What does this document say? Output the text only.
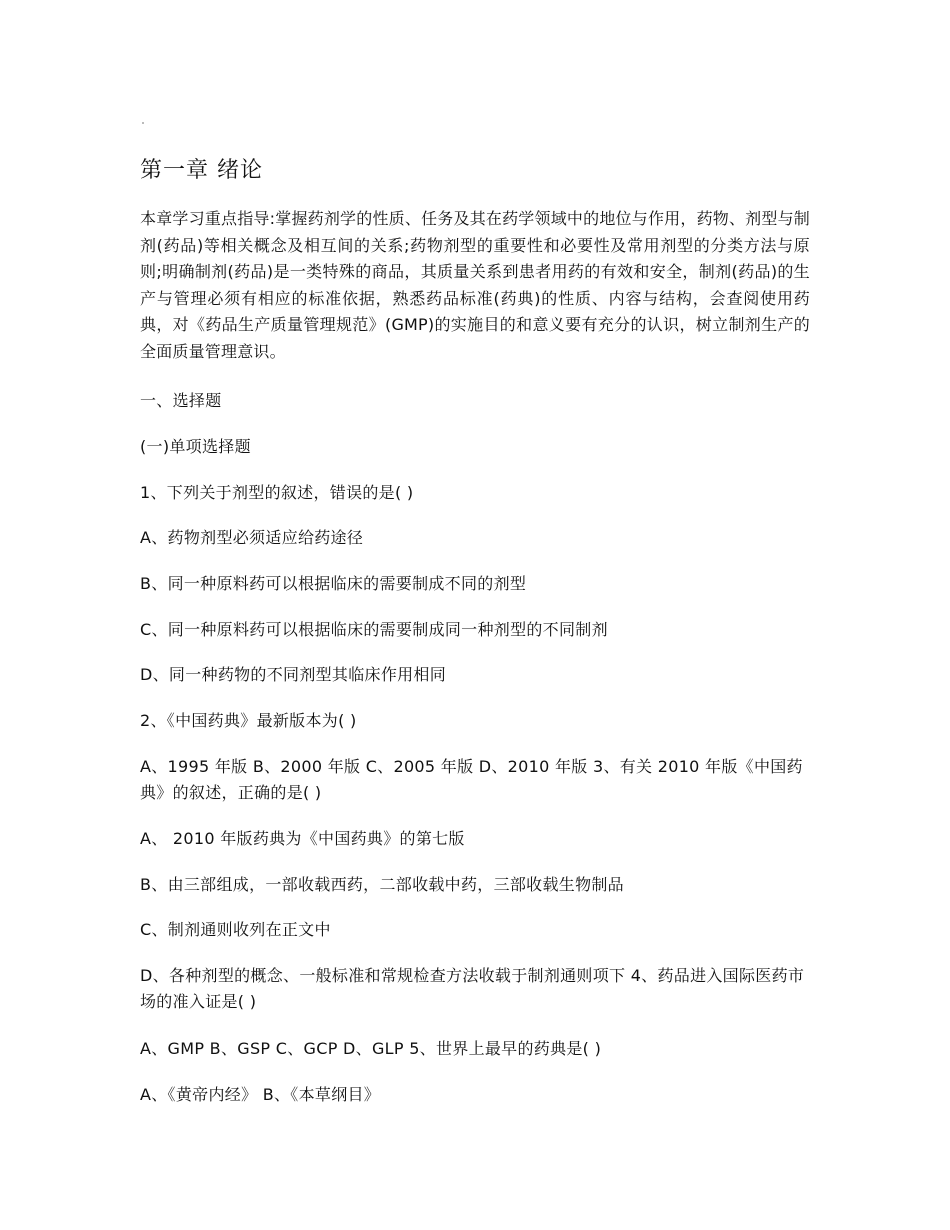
第一章 绪论

本章学习重点指导:掌握药剂学的性质、任务及其在药学领域中的地位与作用，药物、剂型与制剂(药品)等相关概念及相互间的关系;药物剂型的重要性和必要性及常用剂型的分类方法与原则;明确制剂(药品)是一类特殊的商品，其质量关系到患者用药的有效和安全，制剂(药品)的生产与管理必须有相应的标准依据，熟悉药品标准(药典)的性质、内容与结构，会查阅使用药典，对《药品生产质量管理规范》(GMP)的实施目的和意义要有充分的认识，树立制剂生产的全面质量管理意识。

一、选择题

(一)单项选择题

1、下列关于剂型的叙述，错误的是( )

A、药物剂型必须适应给药途径

B、同一种原料药可以根据临床的需要制成不同的剂型

C、同一种原料药可以根据临床的需要制成同一种剂型的不同制剂

D、同一种药物的不同剂型其临床作用相同

2、《中国药典》最新版本为( )

A、1995 年版 B、2000 年版 C、2005 年版 D、2010 年版 3、有关 2010 年版《中国药典》的叙述，正确的是( )

A、 2010 年版药典为《中国药典》的第七版

B、由三部组成，一部收载西药，二部收载中药，三部收载生物制品

C、制剂通则收列在正文中

D、各种剂型的概念、一般标准和常规检查方法收载于制剂通则项下 4、药品进入国际医药市场的准入证是( )

A、GMP B、GSP C、GCP D、GLP 5、世界上最早的药典是( )

A、《黄帝内经》 B、《本草纲目》
